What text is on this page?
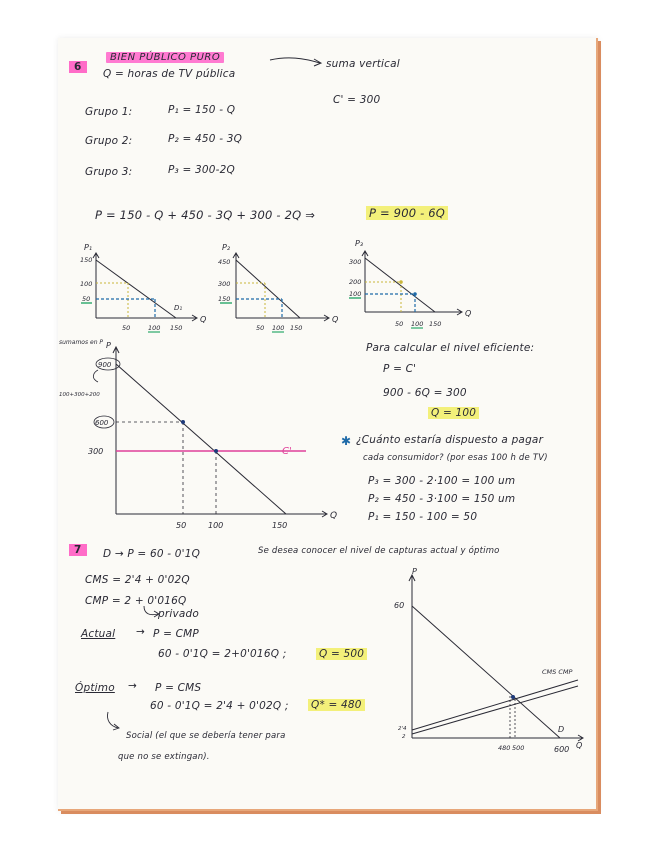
6
BIEN PÚBLICO PURO
suma vertical
Q = horas de TV pública
C' = 300
Grupo 1:	P₁ = 150 - Q
Grupo 2:	P₂ = 450 - 3Q
Grupo 3:	P₃ = 300-2Q
P = 150 - Q + 450 - 3Q + 300 - 2Q ⇒	P = 900 - 6Q
P₁
150
100
50
D₁
Q
50	100 150
P₂
450
300
150
Q
50 100 150
P₃
300
200
100
Q
50 100 150
sumamos en P P
900
100+300+200
600
300	C'
50	100	150
Q
Para calcular el nivel eficiente:
P = C'
900 - 6Q = 300
Q = 100
✱ ¿Cuánto estaría dispuesto a pagar
cada consumidor? (por esas 100 h de TV)
P₃ = 300 - 2·100 = 100 um
P₂ = 450 - 3·100 = 150 um
P₁ = 150 - 100 = 50
7	D → P = 60 - 0'1Q	Se desea conocer el nivel de capturas actual y óptimo
CMS = 2'4 + 0'02Q
CMP = 2 + 0'016Q
privado
Actual → P = CMP
60 - 0'1Q = 2+0'016Q ;	Q = 500
Óptimo → P = CMS
60 - 0'1Q = 2'4 + 0'02Q ; Q* = 480
Social (el que se debería tener para
que no se extingan).
P
60
2'4
2
CMS CMP
D
480 500	600 Q
